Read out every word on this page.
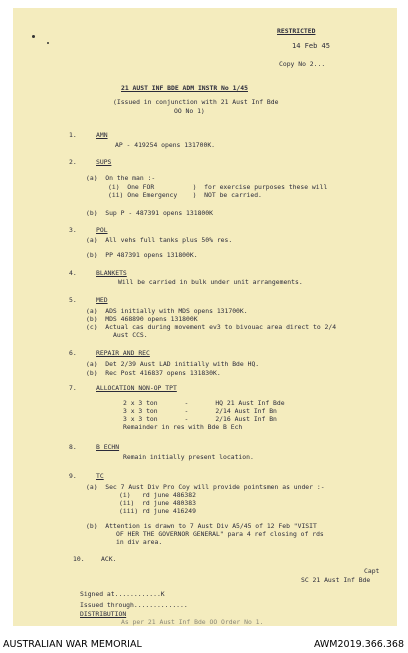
RESTRICTED
14 Feb 45
Copy No 2...
21 AUST INF BDE ADM INSTR No 1/45
(Issued in conjunction with 21 Aust Inf Bde
OO No 1)
1.	AMN
AP - 419254 opens 131700K.
2.	SUPS
(a)  On the man :-
(i)  One FOR          )  for exercise purposes these will
(ii) One Emergency    )  NOT be carried.
(b)  Sup P - 487391 opens 131800K
3.	POL
(a)  All vehs full tanks plus 50% res.
(b)  PP 487391 opens 131800K.
4.	BLANKETS
Will be carried in bulk under unit arrangements.
5.	MED
(a)  ADS initially with MDS opens 131700K.
(b)  MDS 468890 opens 131800K
(c)  Actual cas during movement ev3 to bivouac area direct to 2/4
Aust CCS.
6.	REPAIR AND REC
(a)  Det 2/39 Aust LAD initially with Bde HQ.
(b)  Rec Post 416837 opens 131830K.
7.	ALLOCATION NON-OP TPT
2 x 3 ton       -       HQ 21 Aust Inf Bde
3 x 3 ton       -       2/14 Aust Inf Bn
3 x 3 ton       -       2/16 Aust Inf Bn
Remainder in res with Bde B Ech
8.	B ECHN
Remain initially present location.
9.	TC
(a)  Sec 7 Aust Div Pro Coy will provide pointsmen as under :-
(i)   rd june 486382
(ii)  rd june 480383
(iii) rd june 416249
(b)  Attention is drawn to 7 Aust Div A5/45 of 12 Feb "VISIT
OF HER THE GOVERNOR GENERAL" para 4 ref closing of rds
in div area.
10.	ACK.
Capt
SC 21 Aust Inf Bde
Signed at............K
Issued through..............
DISTRIBUTION
As per 21 Aust Inf Bde OO Order No 1.
AUSTRALIAN WAR MEMORIAL	AWM2019.366.368
